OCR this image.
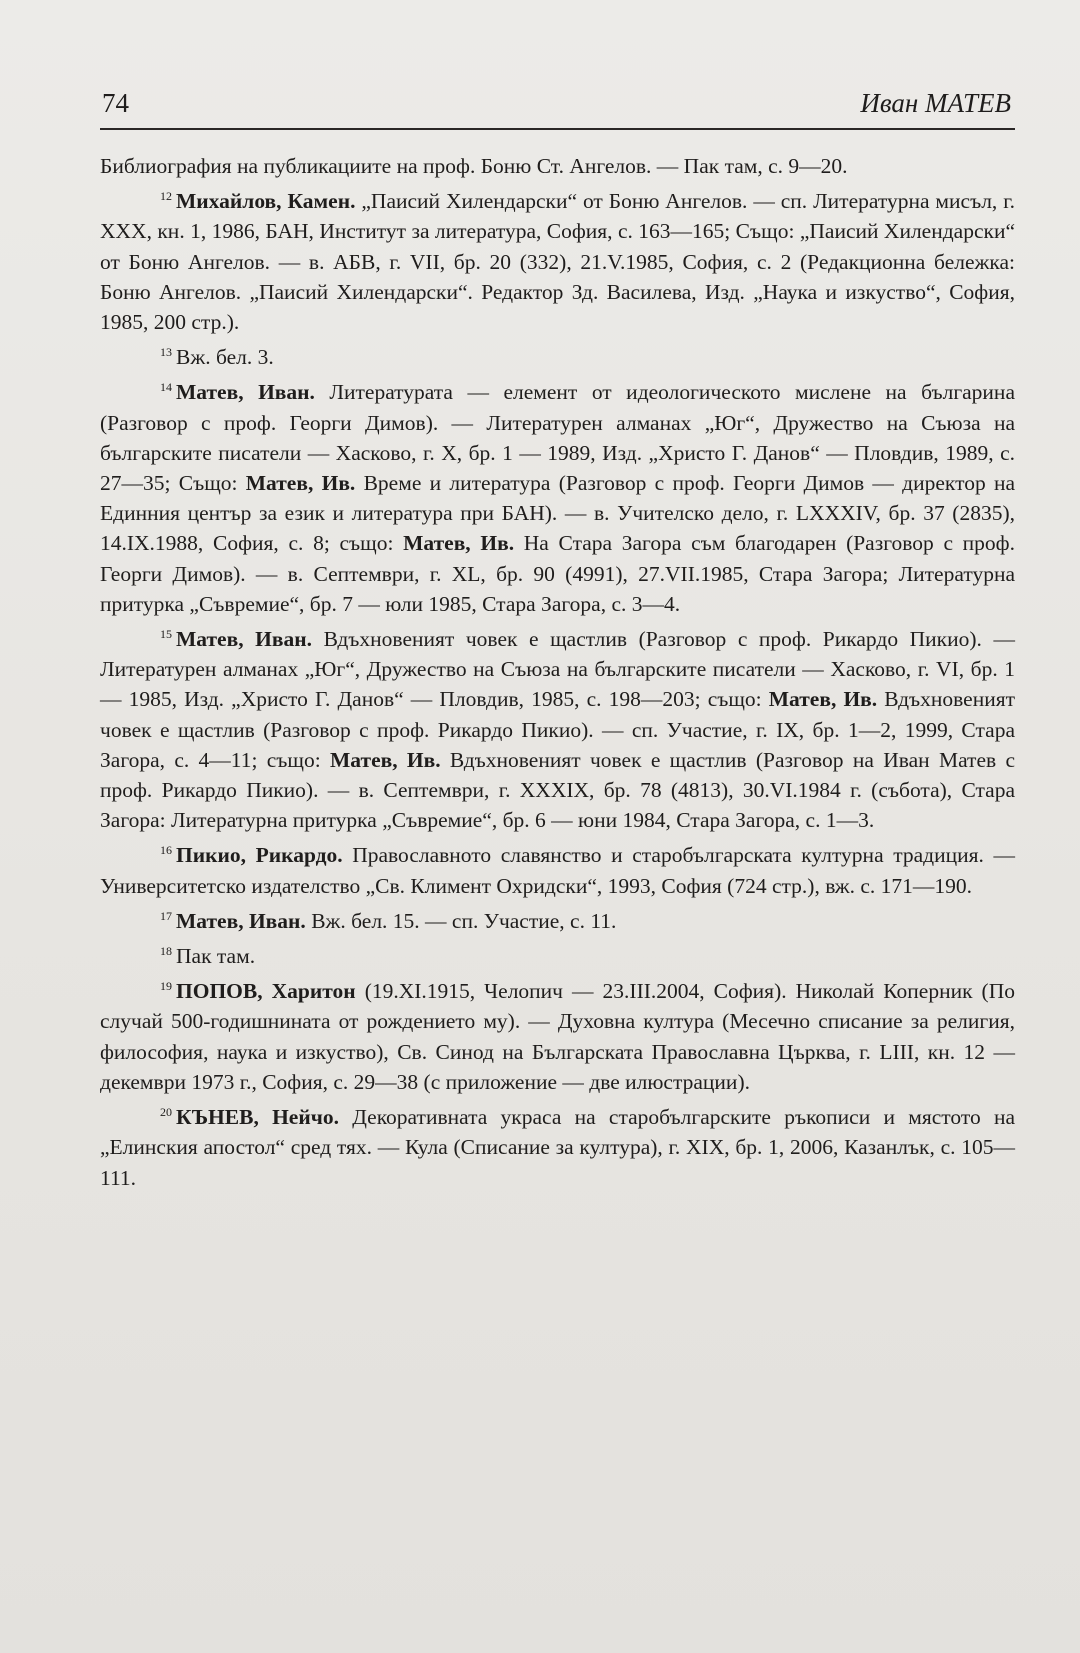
74	Иван МАТЕВ

Библиография на публикациите на проф. Боню Ст. Ангелов. — Пак там, с. 9—20.

$^{12}$ Михайлов, Камен. „Паисий Хилендарски“ от Боню Ангелов. — сп. Литературна мисъл, г. XXX, кн. 1, 1986, БАН, Институт за литература, София, с. 163—165; Също: „Паисий Хилендарски“ от Боню Ангелов. — в. АБВ, г. VII, бр. 20 (332), 21.V.1985, София, с. 2 (Редакционна бележка: Боню Ангелов. „Паисий Хилендарски“. Редактор Зд. Василева, Изд. „Наука и изкуство“, София, 1985, 200 стр.).

$^{13}$ Вж. бел. 3.

$^{14}$ Матев, Иван. Литературата — елемент от идеологическото мислене на българина (Разговор с проф. Георги Димов). — Литературен алманах „Юг“, Дружество на Съюза на българските писатели — Хасково, г. X, бр. 1 — 1989, Изд. „Христо Г. Данов“ — Пловдив, 1989, с. 27—35; Също: Матев, Ив. Време и литература (Разговор с проф. Георги Димов — директор на Единния център за език и литература при БАН). — в. Учителско дело, г. LXXXIV, бр. 37 (2835), 14.IX.1988, София, с. 8; също: Матев, Ив. На Стара Загора съм благодарен (Разговор с проф. Георги Димов). — в. Септември, г. XL, бр. 90 (4991), 27.VII.1985, Стара Загора; Литературна притурка „Съвремие“, бр. 7 — юли 1985, Стара Загора, с. 3—4.

$^{15}$ Матев, Иван. Вдъхновеният човек е щастлив (Разговор с проф. Рикардо Пикио). — Литературен алманах „Юг“, Дружество на Съюза на българските писатели — Хасково, г. VI, бр. 1 — 1985, Изд. „Христо Г. Данов“ — Пловдив, 1985, с. 198—203; също: Матев, Ив. Вдъхновеният човек е щастлив (Разговор с проф. Рикардо Пикио). — сп. Участие, г. IX, бр. 1—2, 1999, Стара Загора, с. 4—11; също: Матев, Ив. Вдъхновеният човек е щастлив (Разговор на Иван Матев с проф. Рикардо Пикио). — в. Септември, г. XXXIX, бр. 78 (4813), 30.VI.1984 г. (събота), Стара Загора: Литературна притурка „Съвремие“, бр. 6 — юни 1984, Стара Загора, с. 1—3.

$^{16}$ Пикио, Рикардо. Православното славянство и старобългарската културна традиция. — Университетско издателство „Св. Климент Охридски“, 1993, София (724 стр.), вж. с. 171—190.

$^{17}$ Матев, Иван. Вж. бел. 15. — сп. Участие, с. 11.

$^{18}$ Пак там.

$^{19}$ ПОПОВ, Харитон (19.XI.1915, Челопич — 23.III.2004, София). Николай Коперник (По случай 500-годишнината от рождението му). — Духовна култура (Месечно списание за религия, философия, наука и изкуство), Св. Синод на Българската Православна Църква, г. LIII, кн. 12 — декември 1973 г., София, с. 29—38 (с приложение — две илюстрации).

$^{20}$ КЪНЕВ, Нейчо. Декоративната украса на старобългарските ръкописи и мястото на „Елинския апостол“ сред тях. — Кула (Списание за култура), г. XIX, бр. 1, 2006, Казанлък, с. 105—111.
